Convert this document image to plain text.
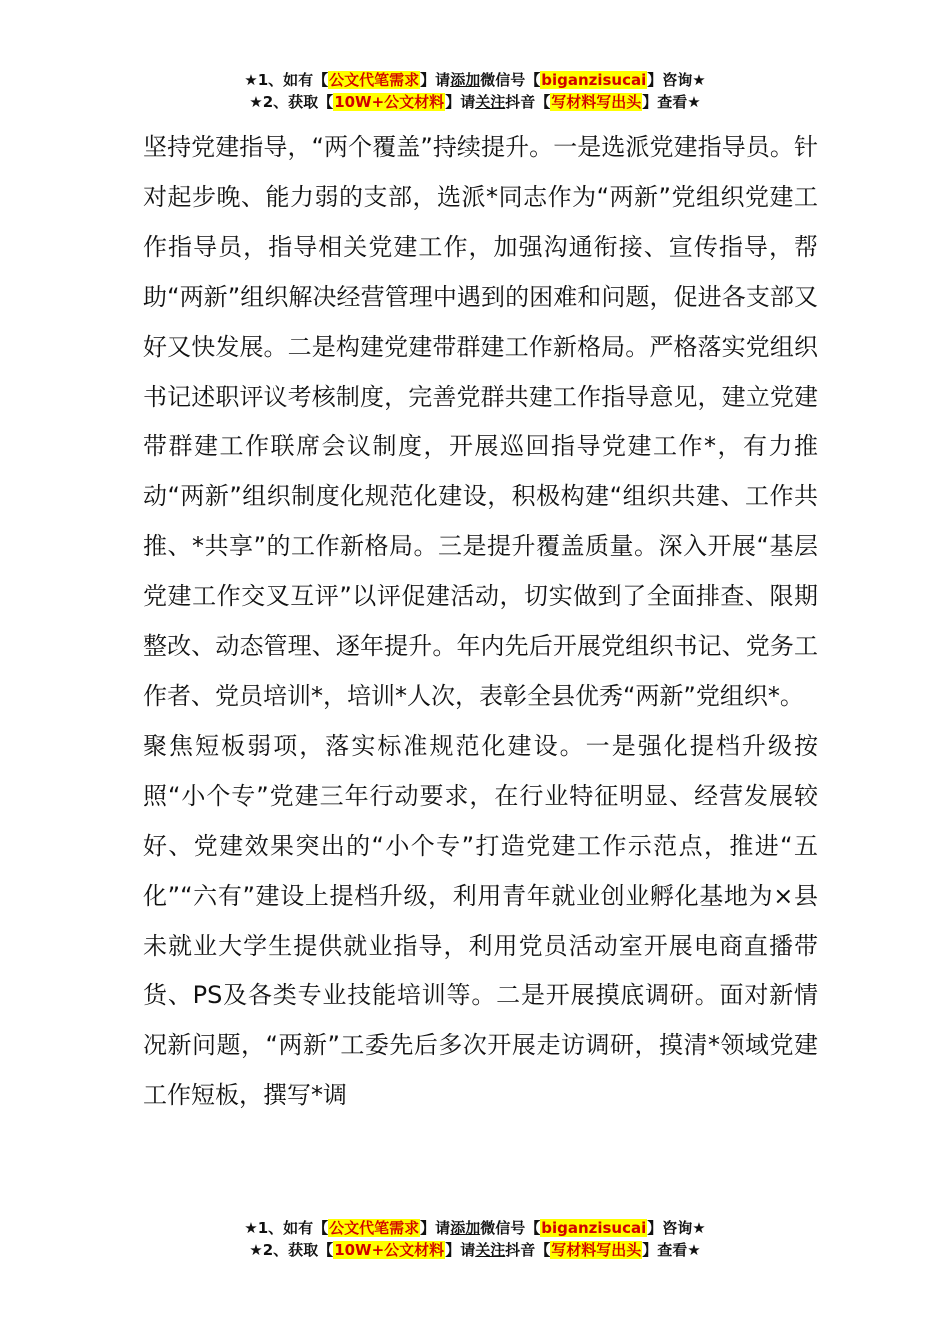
★1、如有【公文代笔需求】请添加微信号【biganzisucai】咨询★
★2、获取【10W+公文材料】请关注抖音【写材料写出头】查看★

坚持党建指导，“两个覆盖”持续提升。一是选派党建指导员。针对起步晚、能力弱的支部，选派*同志作为“两新”党组织党建工作指导员，指导相关党建工作，加强沟通衔接、宣传指导，帮助“两新”组织解决经营管理中遇到的困难和问题，促进各支部又好又快发展。二是构建党建带群建工作新格局。严格落实党组织书记述职评议考核制度，完善党群共建工作指导意见，建立党建带群建工作联席会议制度，开展巡回指导党建工作*，有力推动“两新”组织制度化规范化建设，积极构建“组织共建、工作共推、*共享”的工作新格局。三是提升覆盖质量。深入开展“基层党建工作交叉互评”以评促建活动，切实做到了全面排查、限期整改、动态管理、逐年提升。年内先后开展党组织书记、党务工作者、党员培训*，培训*人次，表彰全县优秀“两新”党组织*。

聚焦短板弱项，落实标准规范化建设。一是强化提档升级按照“小个专”党建三年行动要求，在行业特征明显、经营发展较好、党建效果突出的“小个专”打造党建工作示范点，推进“五化”“六有”建设上提档升级，利用青年就业创业孵化基地为×县未就业大学生提供就业指导，利用党员活动室开展电商直播带货、PS及各类专业技能培训等。二是开展摸底调研。面对新情况新问题，“两新”工委先后多次开展走访调研，摸清*领域党建工作短板，撰写*调

★1、如有【公文代笔需求】请添加微信号【biganzisucai】咨询★
★2、获取【10W+公文材料】请关注抖音【写材料写出头】查看★
